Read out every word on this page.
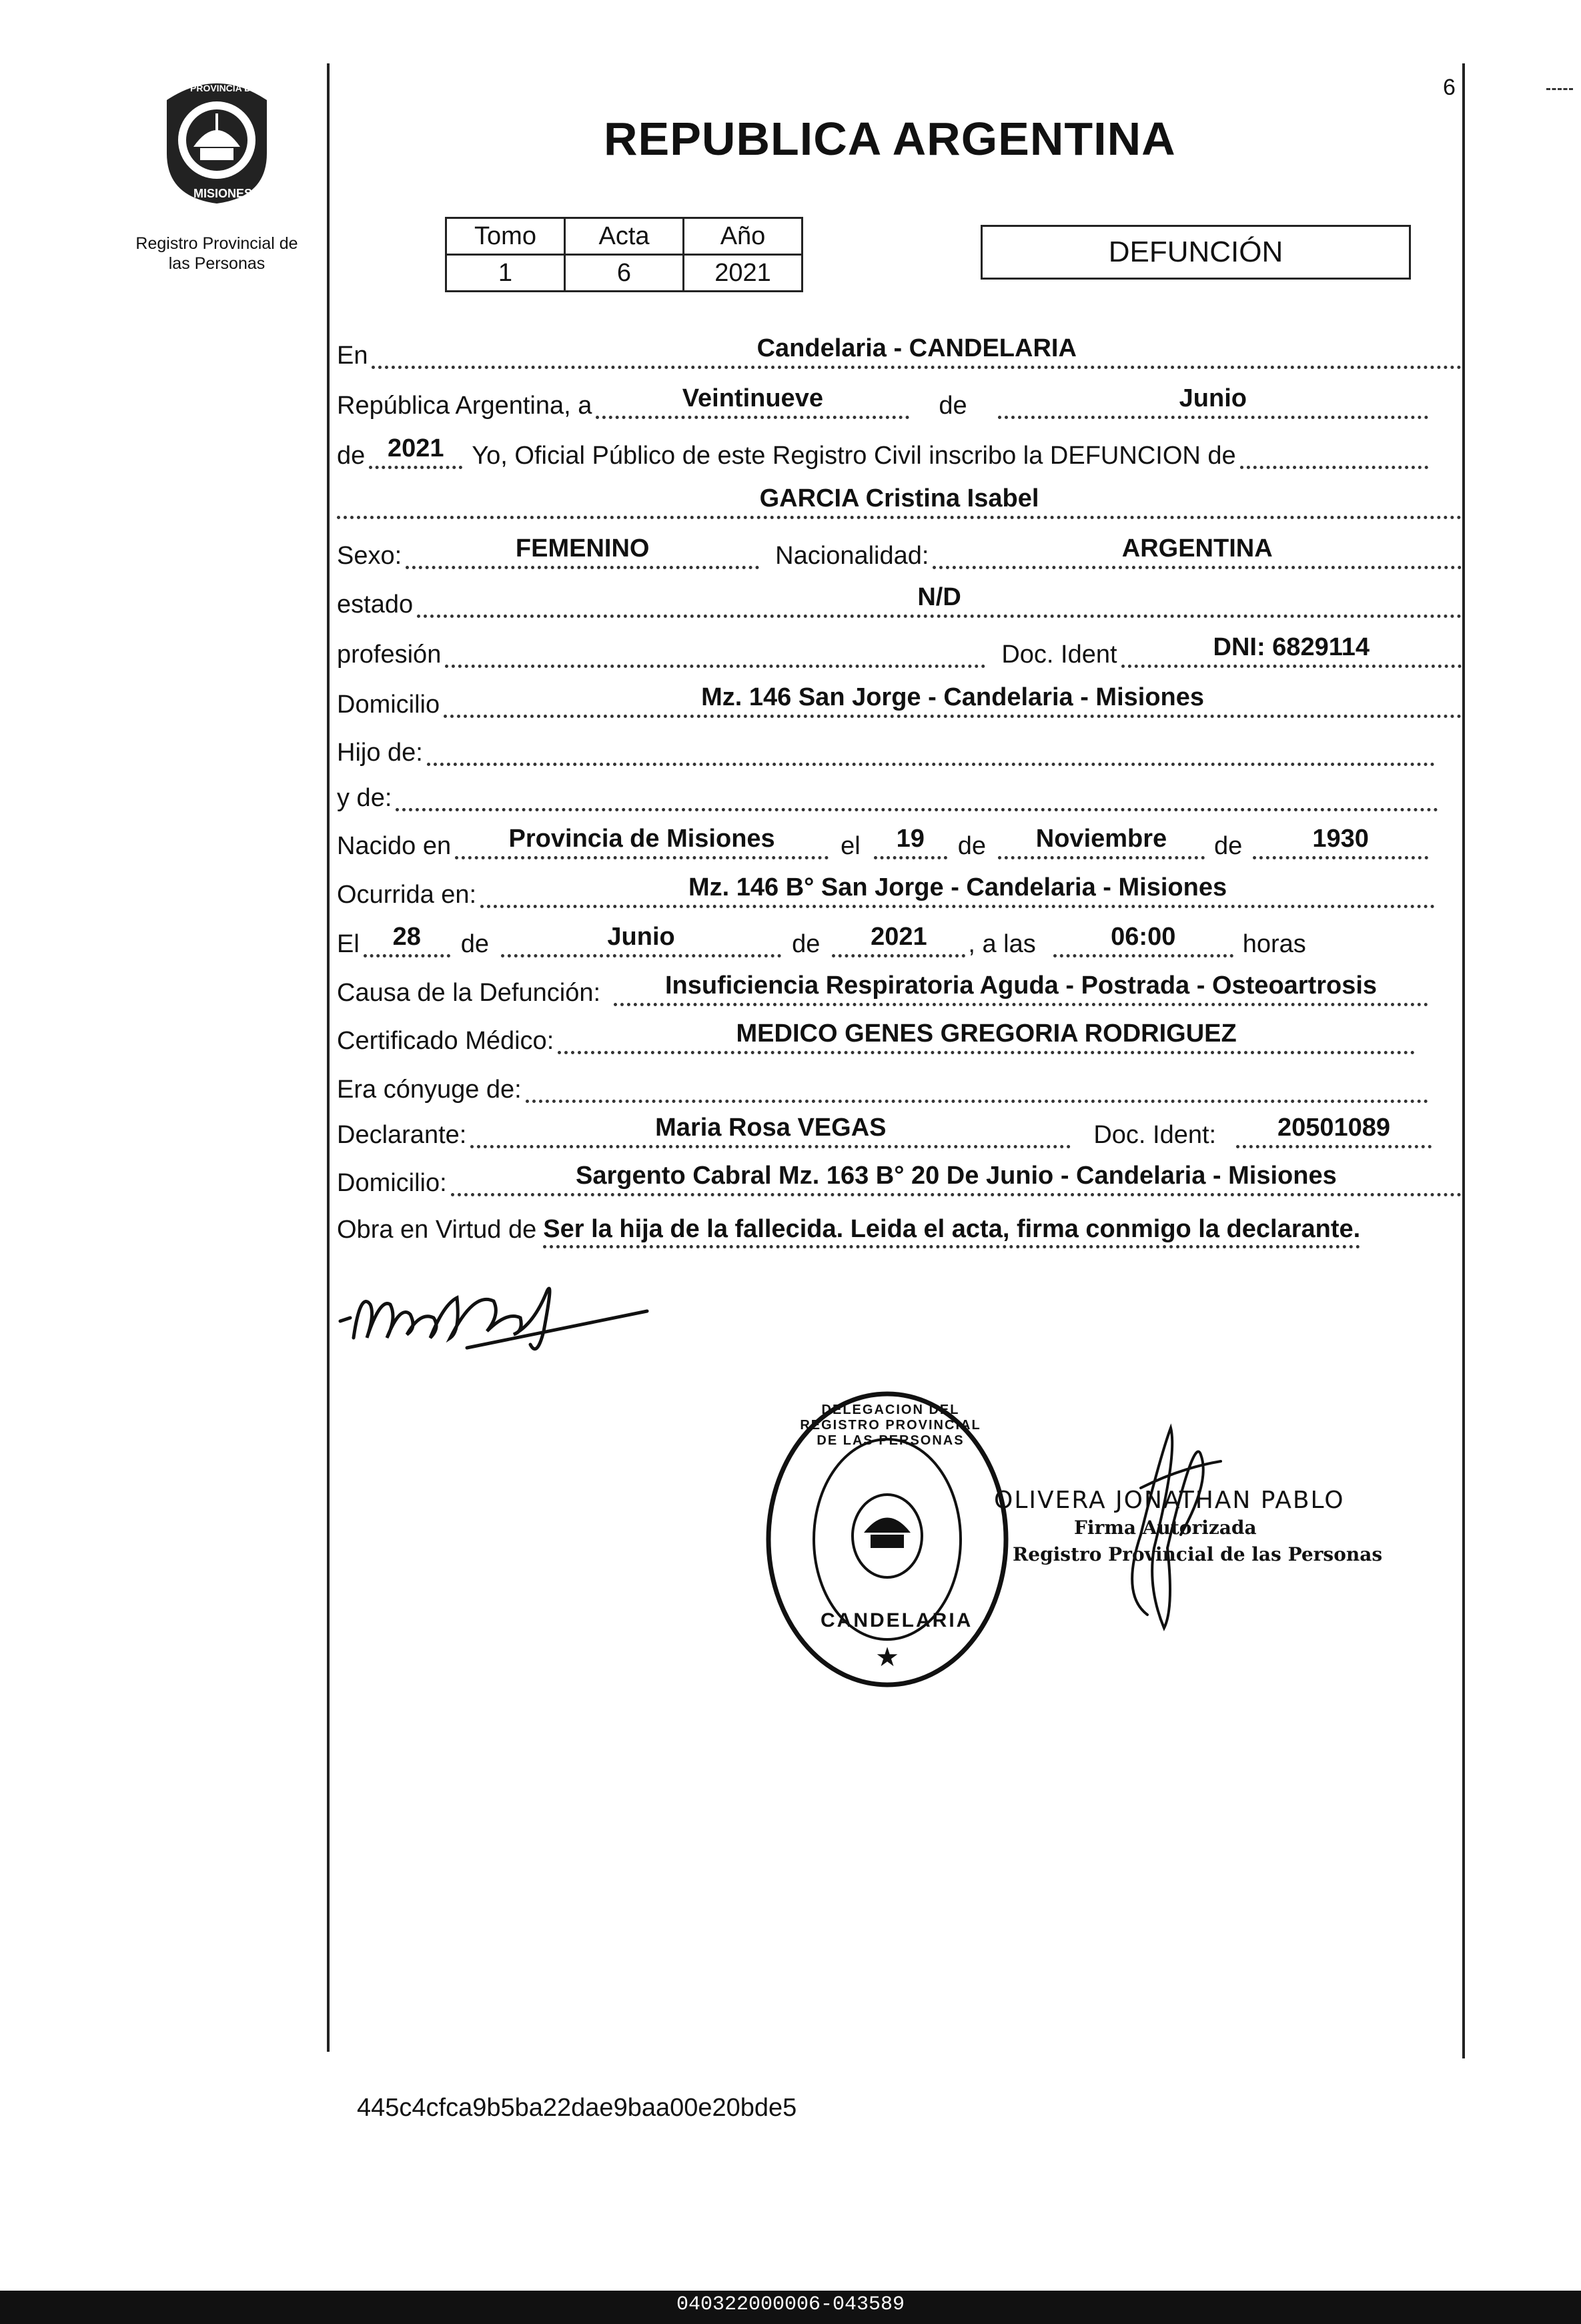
6
PROVINCIA DE
MISIONES
Registro Provincial de
las Personas
REPUBLICA ARGENTINA
Tomo	Acta	Año
1	6	2021
DEFUNCIÓN
En	Candelaria - CANDELARIA
República Argentina, a	Veintinueve	de	Junio
de 2021	Yo, Oficial Público de este Registro Civil inscribo la DEFUNCION de
GARCIA Cristina Isabel
Sexo:	FEMENINO	Nacionalidad:	ARGENTINA
estado	N/D
profesión	Doc. Ident	DNI: 6829114
Domicilio	Mz. 146 San Jorge - Candelaria - Misiones
Hijo de:
y de:
Nacido en	Provincia de Misiones	el	19	de	Noviembre	de	1930
Ocurrida en:	Mz. 146 B° San Jorge - Candelaria - Misiones
El	28	de	Junio	de	2021	, a las	06:00	horas
Causa de la Defunción:	Insuficiencia Respiratoria Aguda - Postrada - Osteoartrosis
Certificado Médico:	MEDICO GENES GREGORIA RODRIGUEZ
Era cónyuge de:
Declarante:	Maria Rosa VEGAS	Doc. Ident:	20501089
Domicilio:	Sargento Cabral Mz. 163 B° 20 De Junio - Candelaria - Misiones
Obra en Virtud de Ser la hija de la fallecida. Leida el acta, firma conmigo la declarante.
★
DELEGACION DEL REGISTRO PROVINCIAL DE LAS PERSONAS
CANDELARIA
OLIVERA JONATHAN PABLO
Firma Autorizada
Registro Provincial de las Personas
445c4cfca9b5ba22dae9baa00e20bde5
040322000006-043589
